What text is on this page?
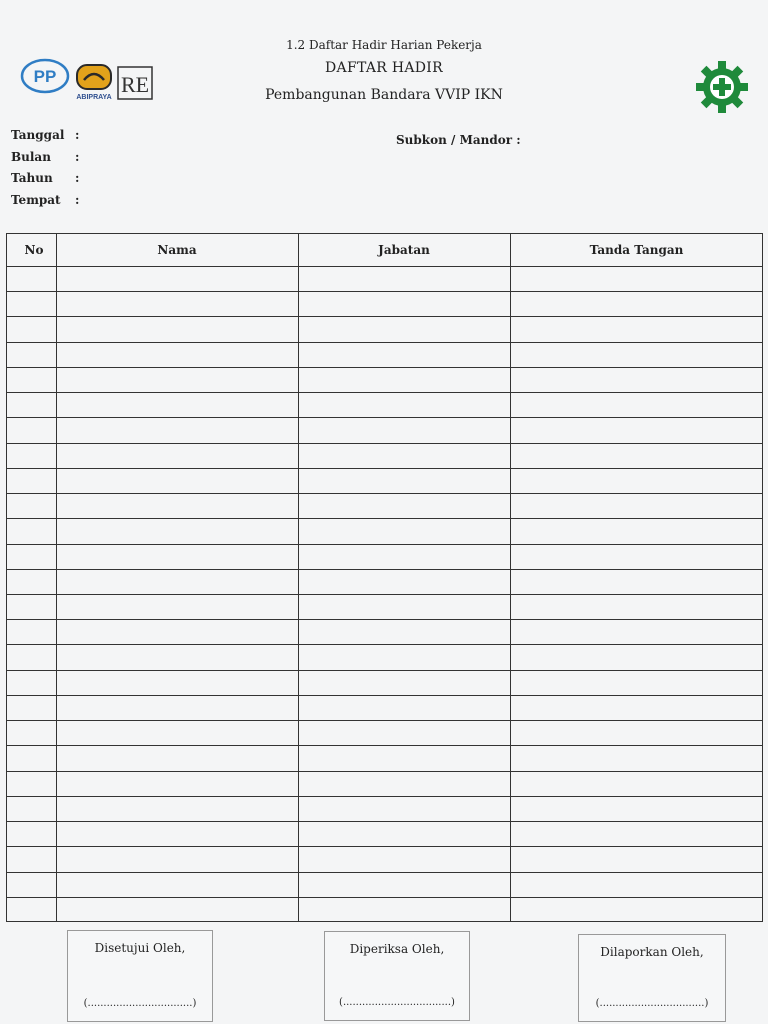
1.2 Daftar Hadir Harian Pekerja
DAFTAR HADIR
Pembangunan Bandara VVIP IKN
PP
ABIPRAYA
RE
Tanggal :
Bulan :
Tahun :
Tempat :
Subkon / Mandor :
No	Nama	Jabatan	Tanda Tangan
Disetujui Oleh,
(.................................)
Diperiksa Oleh,
(..................................)
Dilaporkan Oleh,
(.................................)
